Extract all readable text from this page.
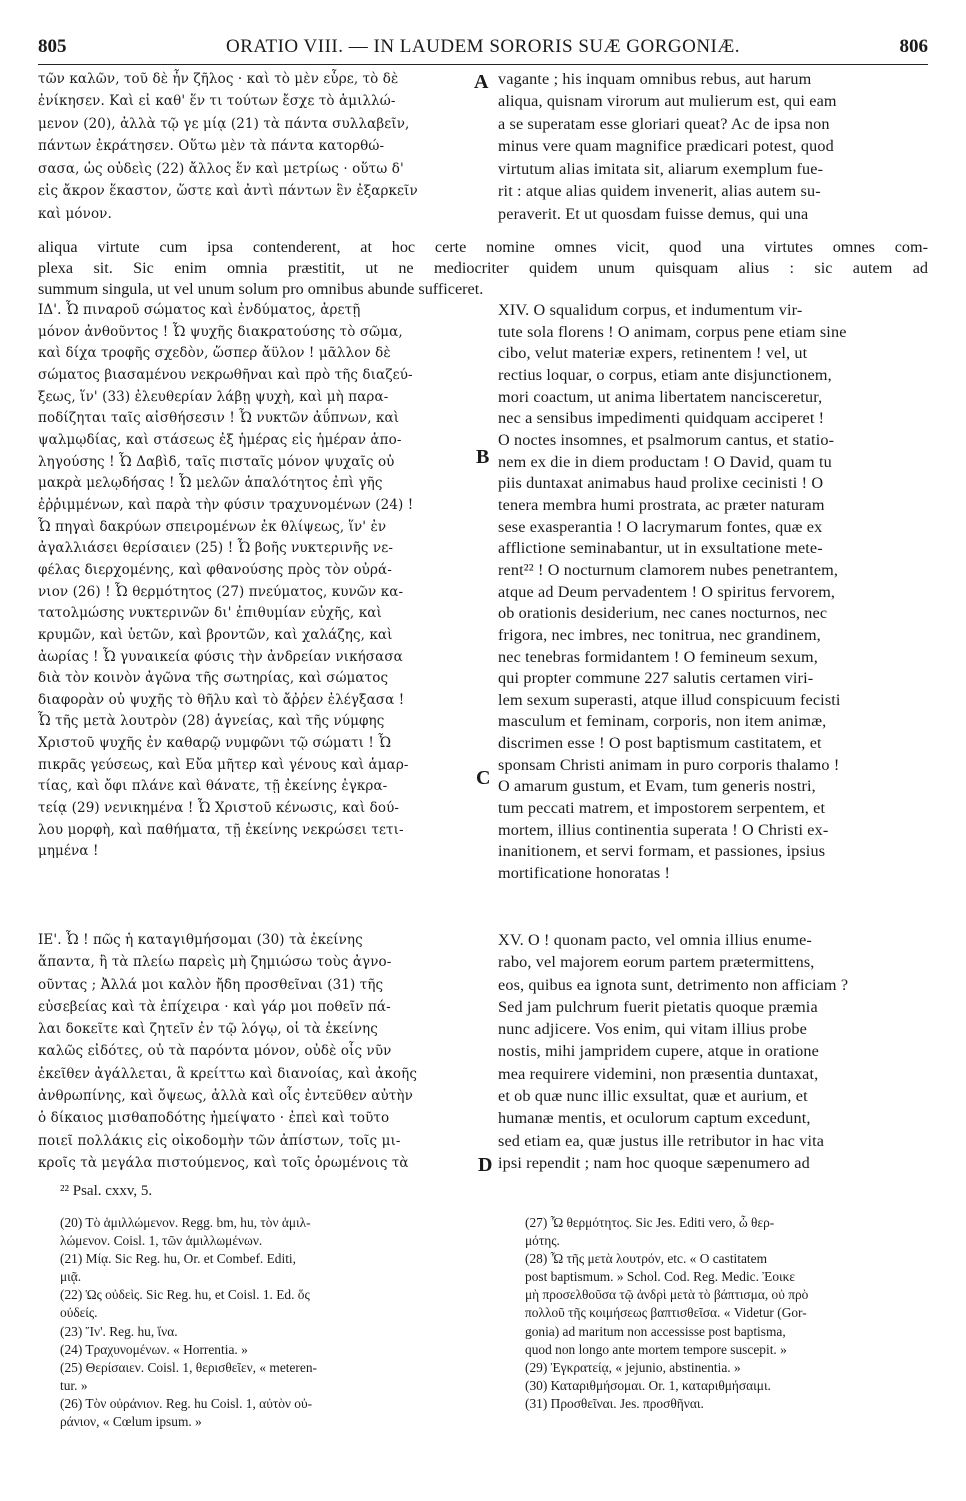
805	ORATIO VIII. — IN LAUDEM SORORIS SUÆ GORGONIÆ.	806
τῶν καλῶν, τοῦ δὲ ἦν ζῆλος · καὶ τὸ μὲν εὗρε, τὸ δὲ
ἐνίκησεν. Καὶ εἰ καθ' ἕν τι τούτων ἔσχε τὸ ἁμιλλώ-
μενον (20), ἀλλὰ τῷ γε μίᾳ (21) τὰ πάντα συλλαβεῖν,
πάντων ἐκράτησεν. Οὕτω μὲν τὰ πάντα κατορθώ-
σασα, ὡς οὐδεὶς (22) ἄλλος ἕν καὶ μετρίως · οὕτω δ'
εἰς ἄκρον ἕκαστον, ὥστε καὶ ἀντὶ πάντων ἓν ἐξαρκεῖν
καὶ μόνον.
vagante ; his inquam omnibus rebus, aut harum
aliqua, quisnam virorum aut mulierum est, qui eam
a se superatam esse gloriari queat? Ac de ipsa non
minus vere quam magnifice prædicari potest, quod
virtutum alias imitata sit, aliarum exemplum fue-
rit : atque alias quidem invenerit, alias autem su-
peraverit. Et ut quosdam fuisse demus, qui una
aliqua virtute cum ipsa contenderent, at hoc certe nomine omnes vicit, quod una virtutes omnes com-
plexa sit. Sic enim omnia præstitit, ut ne mediocriter quidem unum quisquam alius : sic autem ad
summum singula, ut vel unum solum pro omnibus abunde sufficeret.
ΙΔ'. Ὦ πιναροῦ σώματος καὶ ἐνδύματος, ἀρετῇ
μόνον ἀνθοῦντος ! Ὦ ψυχῆς διακρατούσης τὸ σῶμα,
καὶ δίχα τροφῆς σχεδὸν, ὥσπερ ἄϋλον ! μᾶλλον δὲ
σώματος βιασαμένου νεκρωθῆναι καὶ πρὸ τῆς διαζεύ-
ξεως, ἵν' (33) ἐλευθερίαν λάβῃ ψυχὴ, καὶ μὴ παρα-
ποδίζηται ταῖς αἰσθήσεσιν ! Ὦ νυκτῶν ἀΰπνων, καὶ
ψαλμῳδίας, καὶ στάσεως ἐξ ἡμέρας εἰς ἡμέραν ἀπο-
ληγούσης ! Ὦ Δαβὶδ, ταῖς πισταῖς μόνον ψυχαῖς οὐ
μακρὰ μελῳδήσας ! Ὦ μελῶν ἁπαλότητος ἐπὶ γῆς
ἐῤῥιμμένων, καὶ παρὰ τὴν φύσιν τραχυνομένων (24) !
Ὦ πηγαὶ δακρύων σπειρομένων ἐκ θλίψεως, ἵν' ἐν
ἀγαλλιάσει θερίσαιεν (25) ! Ὦ βοῆς νυκτερινῆς νε-
φέλας διερχομένης, καὶ φθανούσης πρὸς τὸν οὐρά-
νιον (26) ! Ὦ θερμότητος (27) πνεύματος, κυνῶν κα-
τατολμώσης νυκτερινῶν δι' ἐπιθυμίαν εὐχῆς, καὶ
κρυμῶν, καὶ ὑετῶν, καὶ βροντῶν, καὶ χαλάζης, καὶ
ἀωρίας ! Ὦ γυναικεία φύσις τὴν ἀνδρείαν νικήσασα
διὰ τὸν κοινὸν ἀγῶνα τῆς σωτηρίας, καὶ σώματος
διαφορὰν οὐ ψυχῆς τὸ θῆλυ καὶ τὸ ἄῤῥεν ἐλέγξασα !
Ὦ τῆς μετὰ λουτρὸν (28) ἁγνείας, καὶ τῆς νύμφης
Χριστοῦ ψυχῆς ἐν καθαρῷ νυμφῶνι τῷ σώματι ! Ὦ
πικρᾶς γεύσεως, καὶ Εὔα μῆτερ καὶ γένους καὶ ἁμαρ-
τίας, καὶ ὄφι πλάνε καὶ θάνατε, τῇ ἐκείνης ἐγκρα-
τείᾳ (29) νενικημένα ! Ὦ Χριστοῦ κένωσις, καὶ δού-
λου μορφὴ, καὶ παθήματα, τῇ ἐκείνης νεκρώσει τετι-
μημένα !
XIV. O squalidum corpus, et indumentum vir-
tute sola florens ! O animam, corpus pene etiam sine
cibo, velut materiæ expers, retinentem ! vel, ut
rectius loquar, o corpus, etiam ante disjunctionem,
mori coactum, ut anima libertatem nancisceretur,
nec a sensibus impedimenti quidquam acciperet !
O noctes insomnes, et psalmorum cantus, et statio-
nem ex die in diem productam ! O David, quam tu
piis duntaxat animabus haud prolixe cecinisti ! O
tenera membra humi prostrata, ac præter naturam
sese exasperantia ! O lacrymarum fontes, quæ ex
afflictione seminabantur, ut in exsultatione mete-
rent²² ! O nocturnum clamorem nubes penetrantem,
atque ad Deum pervadentem ! O spiritus fervorem,
ob orationis desiderium, nec canes nocturnos, nec
frigora, nec imbres, nec tonitrua, nec grandinem,
nec tenebras formidantem ! O femineum sexum,
qui propter commune 227 salutis certamen viri-
lem sexum superasti, atque illud conspicuum fecisti
masculum et feminam, corporis, non item animæ,
discrimen esse ! O post baptismum castitatem, et
sponsam Christi animam in puro corporis thalamo !
O amarum gustum, et Evam, tum generis nostri,
tum peccati matrem, et impostorem serpentem, et
mortem, illius continentia superata ! O Christi ex-
inanitionem, et servi formam, et passiones, ipsius
mortificatione honoratas !
ΙΕ'. Ὦ ! πῶς ἡ καταγιθμήσομαι (30) τὰ ἐκείνης
ἅπαντα, ἢ τὰ πλείω παρεὶς μὴ ζημιώσω τοὺς ἀγνο-
οῦντας ; Ἀλλά μοι καλὸν ἤδη προσθεῖναι (31) τῆς
εὐσεβείας καὶ τὰ ἐπίχειρα · καὶ γάρ μοι ποθεῖν πά-
λαι δοκεῖτε καὶ ζητεῖν ἐν τῷ λόγῳ, οἱ τὰ ἐκείνης
καλῶς εἰδότες, οὐ τὰ παρόντα μόνον, οὐδὲ οἷς νῦν
ἐκεῖθεν ἀγάλλεται, ἃ κρείττω καὶ διανοίας, καὶ ἀκοῆς
ἀνθρωπίνης, καὶ ὄψεως, ἀλλὰ καὶ οἷς ἐντεῦθεν αὐτὴν
ὁ δίκαιος μισθαποδότης ἠμείψατο · ἐπεὶ καὶ τοῦτο
ποιεῖ πολλάκις εἰς οἰκοδομὴν τῶν ἀπίστων, τοῖς μι-
κροῖς τὰ μεγάλα πιστούμενος, καὶ τοῖς ὁρωμένοις τὰ
XV. O ! quonam pacto, vel omnia illius enume-
rabo, vel majorem eorum partem prætermittens,
eos, quibus ea ignota sunt, detrimento non afficiam ?
Sed jam pulchrum fuerit pietatis quoque præmia
nunc adjicere. Vos enim, qui vitam illius probe
nostis, mihi jampridem cupere, atque in oratione
mea requirere videmini, non præsentia duntaxat,
et ob quæ nunc illic exsultat, quæ et aurium, et
humanæ mentis, et oculorum captum excedunt,
sed etiam ea, quæ justus ille retributor in hac vita
ipsi rependit ; nam hoc quoque sæpenumero ad
A
B
C
D
²² Psal. cxxv, 5.
(20) Τὸ ἁμιλλώμενον. Regg. bm, hu, τὸν ἁμιλ-
λώμενον. Coisl. 1, τῶν ἁμιλλωμένων.
(21) Μίᾳ. Sic Reg. hu, Or. et Combef. Editi,
μιᾷ.
(22) Ὡς οὐδεὶς. Sic Reg. hu, et Coisl. 1. Ed. ὅς
οὐδείς.
(23) Ἵν'. Reg. hu, ἵνα.
(24) Τραχυνομένων. « Horrentia. »
(25) Θερίσαιεν. Coisl. 1, θερισθεῖεν, « meteren-
tur. »
(26) Τὸν οὐράνιον. Reg. hu Coisl. 1, αὐτὸν οὐ-
ράνιον, « Cœlum ipsum. »
(27) Ὦ θερμότητος. Sic Jes. Editi vero, ὦ θερ-
μότης.
(28) Ὦ τῆς μετὰ λουτρόν, etc. « O castitatem
post baptismum. » Schol. Cod. Reg. Medic. Ἐοικε
μὴ προσελθοῦσα τῷ ἀνδρὶ μετὰ τὸ βάπτισμα, οὐ πρὸ
πολλοῦ τῆς κοιμήσεως βαπτισθεῖσα. « Videtur (Gor-
gonia) ad maritum non accessisse post baptisma,
quod non longo ante mortem tempore suscepit. »
(29) Ἐγκρατείᾳ, « jejunio, abstinentia. »
(30) Καταριθμήσομαι. Or. 1, καταριθμήσαιμι.
(31) Προσθεῖναι. Jes. προσθῆναι.
